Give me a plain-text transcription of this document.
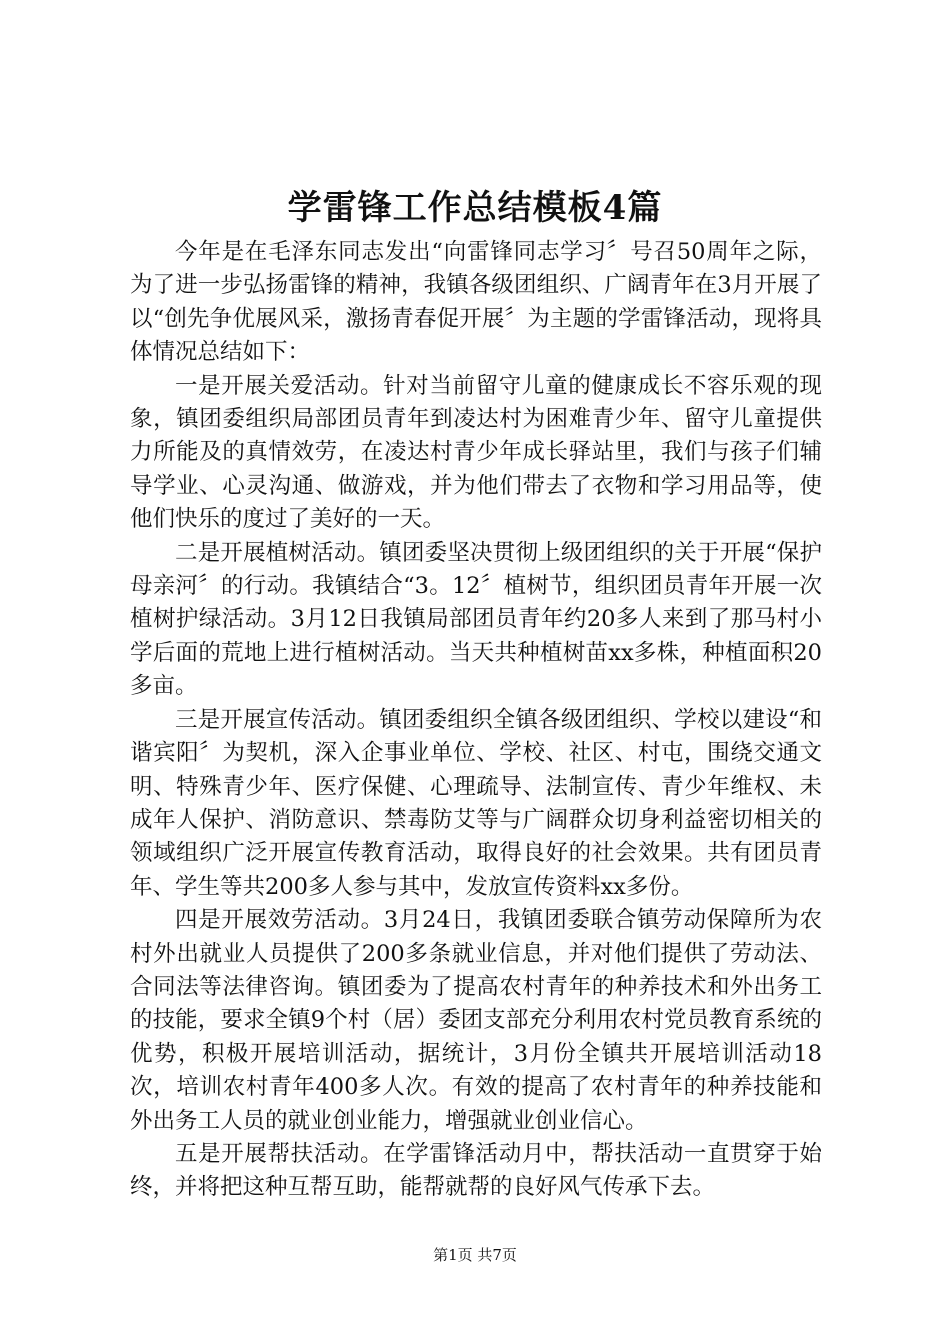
学雷锋工作总结模板4篇

今年是在毛泽东同志发出“向雷锋同志学习〞号召50周年之际，为了进一步弘扬雷锋的精神，我镇各级团组织、广阔青年在3月开展了以“创先争优展风采，激扬青春促开展〞为主题的学雷锋活动，现将具体情况总结如下：

一是开展关爱活动。针对当前留守儿童的健康成长不容乐观的现象，镇团委组织局部团员青年到凌达村为困难青少年、留守儿童提供力所能及的真情效劳，在凌达村青少年成长驿站里，我们与孩子们辅导学业、心灵沟通、做游戏，并为他们带去了衣物和学习用品等，使他们快乐的度过了美好的一天。

二是开展植树活动。镇团委坚决贯彻上级团组织的关于开展“保护母亲河〞的行动。我镇结合“3。12〞植树节，组织团员青年开展一次植树护绿活动。3月12日我镇局部团员青年约20多人来到了那马村小学后面的荒地上进行植树活动。当天共种植树苗xx多株，种植面积20多亩。

三是开展宣传活动。镇团委组织全镇各级团组织、学校以建设“和谐宾阳〞为契机，深入企事业单位、学校、社区、村屯，围绕交通文明、特殊青少年、医疗保健、心理疏导、法制宣传、青少年维权、未成年人保护、消防意识、禁毒防艾等与广阔群众切身利益密切相关的领域组织广泛开展宣传教育活动，取得良好的社会效果。共有团员青年、学生等共200多人参与其中，发放宣传资料xx多份。

四是开展效劳活动。3月24日，我镇团委联合镇劳动保障所为农村外出就业人员提供了200多条就业信息，并对他们提供了劳动法、合同法等法律咨询。镇团委为了提高农村青年的种养技术和外出务工的技能，要求全镇9个村（居）委团支部充分利用农村党员教育系统的优势，积极开展培训活动，据统计，3月份全镇共开展培训活动18次，培训农村青年400多人次。有效的提高了农村青年的种养技能和外出务工人员的就业创业能力，增强就业创业信心。

五是开展帮扶活动。在学雷锋活动月中，帮扶活动一直贯穿于始终，并将把这种互帮互助，能帮就帮的良好风气传承下去。

第1页 共7页
